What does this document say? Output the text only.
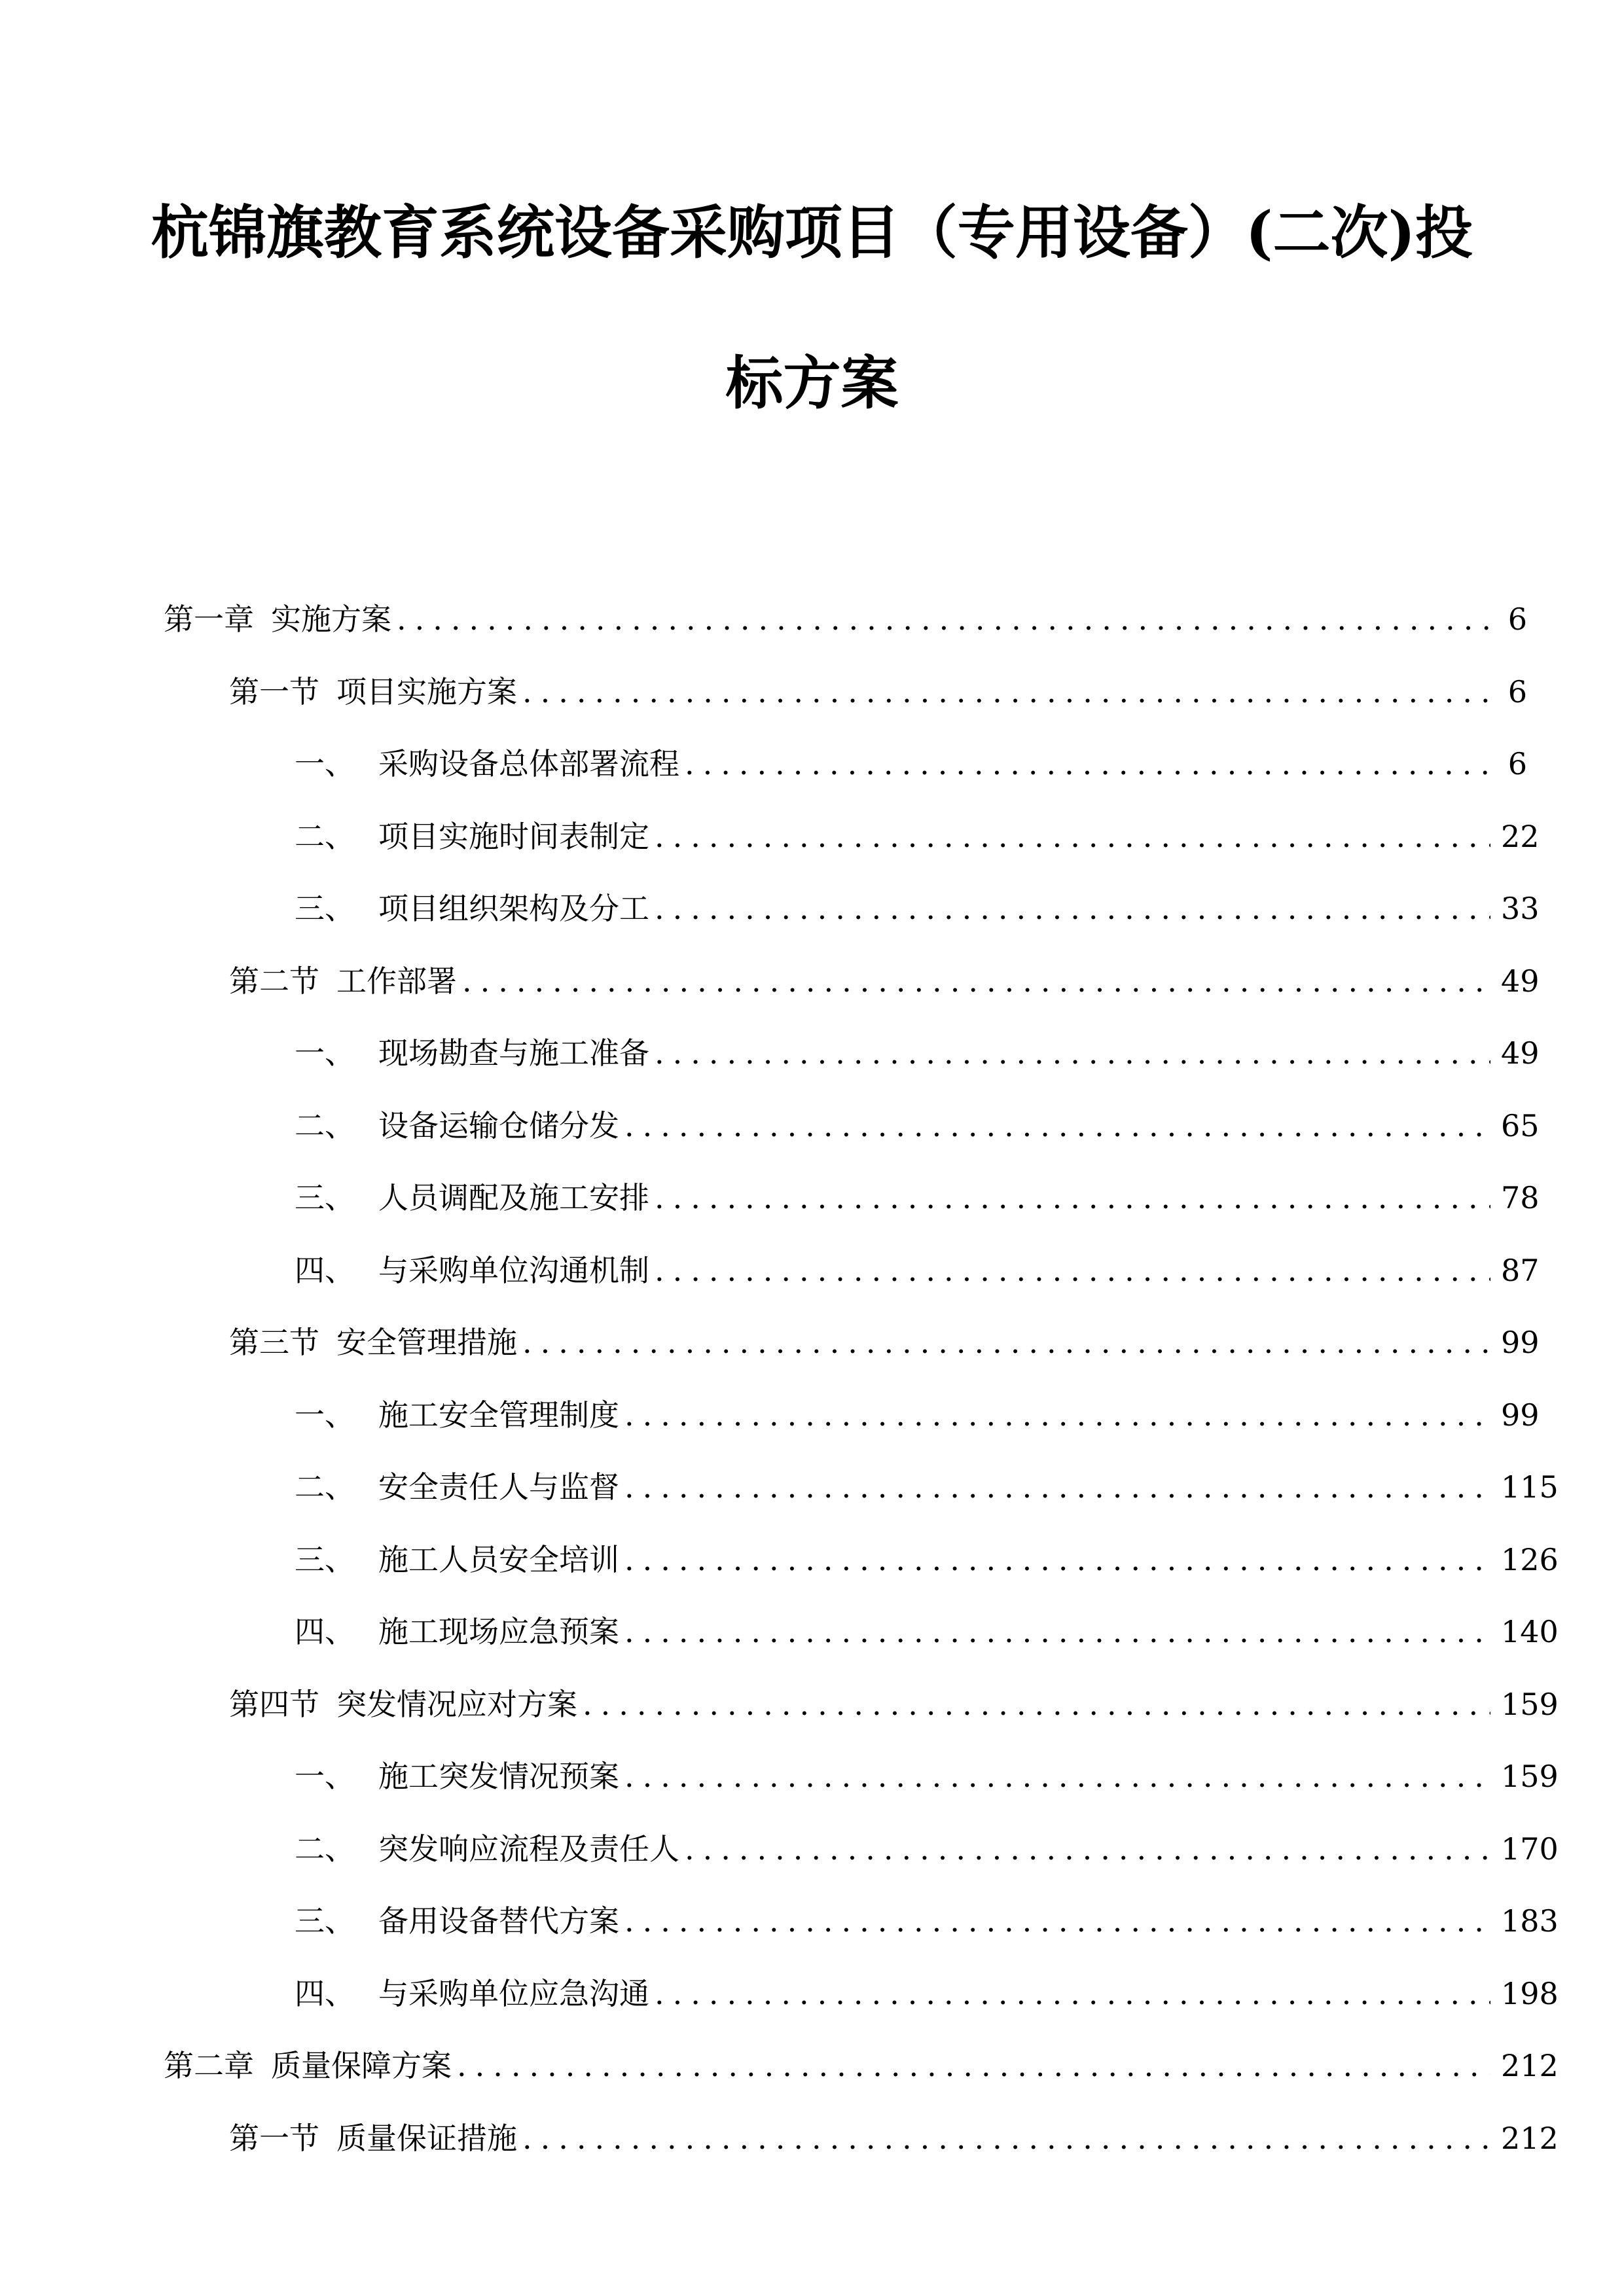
杭锦旗教育系统设备采购项目（专用设备）(二次)投
标方案
第一章 实施方案 .....	6
第一节 项目实施方案 .....	6
一、 采购设备总体部署流程 .....	6
二、 项目实施时间表制定 .....	22
三、 项目组织架构及分工 .....	33
第二节 工作部署 .....	49
一、 现场勘查与施工准备 .....	49
二、 设备运输仓储分发 .....	65
三、 人员调配及施工安排 .....	78
四、 与采购单位沟通机制 .....	87
第三节 安全管理措施 .....	99
一、 施工安全管理制度 .....	99
二、 安全责任人与监督 .....	115
三、 施工人员安全培训 .....	126
四、 施工现场应急预案 .....	140
第四节 突发情况应对方案 .....	159
一、 施工突发情况预案 .....	159
二、 突发响应流程及责任人 .....	170
三、 备用设备替代方案 .....	183
四、 与采购单位应急沟通 .....	198
第二章 质量保障方案 .....	212
第一节 质量保证措施 .....	212
